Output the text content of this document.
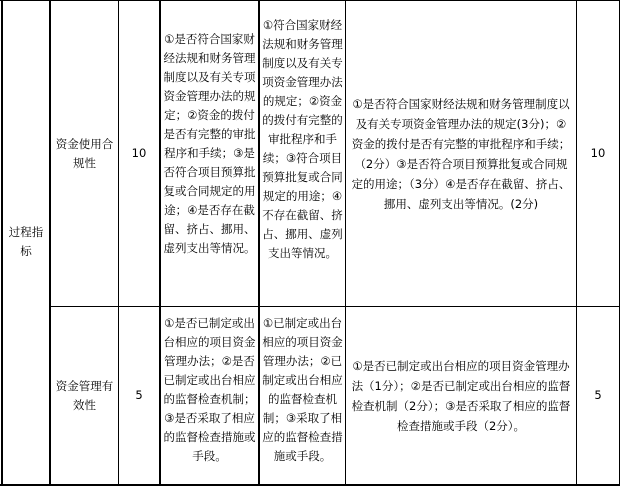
过程指标
资金使用合规性
10
①是否符合国家财经法规和财务管理制度以及有关专项资金管理办法的规定；②资金的拨付是否有完整的审批程序和手续；③是否符合项目预算批复或合同规定的用途；④是否存在截留、挤占、挪用、虚列支出等情况。
①符合国家财经法规和财务管理制度以及有关专项资金管理办法的规定；②资金的拨付有完整的审批程序和手续；③符合项目预算批复或合同规定的用途；④不存在截留、挤占、挪用、虚列支出等情况。
①是否符合国家财经法规和财务管理制度以及有关专项资金管理办法的规定(3分)；②资金的拨付是否有完整的审批程序和手续；（2分）③是否符合项目预算批复或合同规定的用途；（3分）④是否存在截留、挤占、挪用、虚列支出等情况。(2分)
10
资金管理有效性
5
①是否已制定或出台相应的项目资金管理办法；②是否已制定或出台相应的监督检查机制；③是否采取了相应的监督检查措施或手段。
①已制定或出台相应的项目资金管理办法；②已制定或出台相应的监督检查机制；③采取了相应的监督检查措施或手段。
①是否已制定或出台相应的项目资金管理办法（1分）；②是否已制定或出台相应的监督检查机制（2分）；③是否采取了相应的监督检查措施或手段（2分）。
5
